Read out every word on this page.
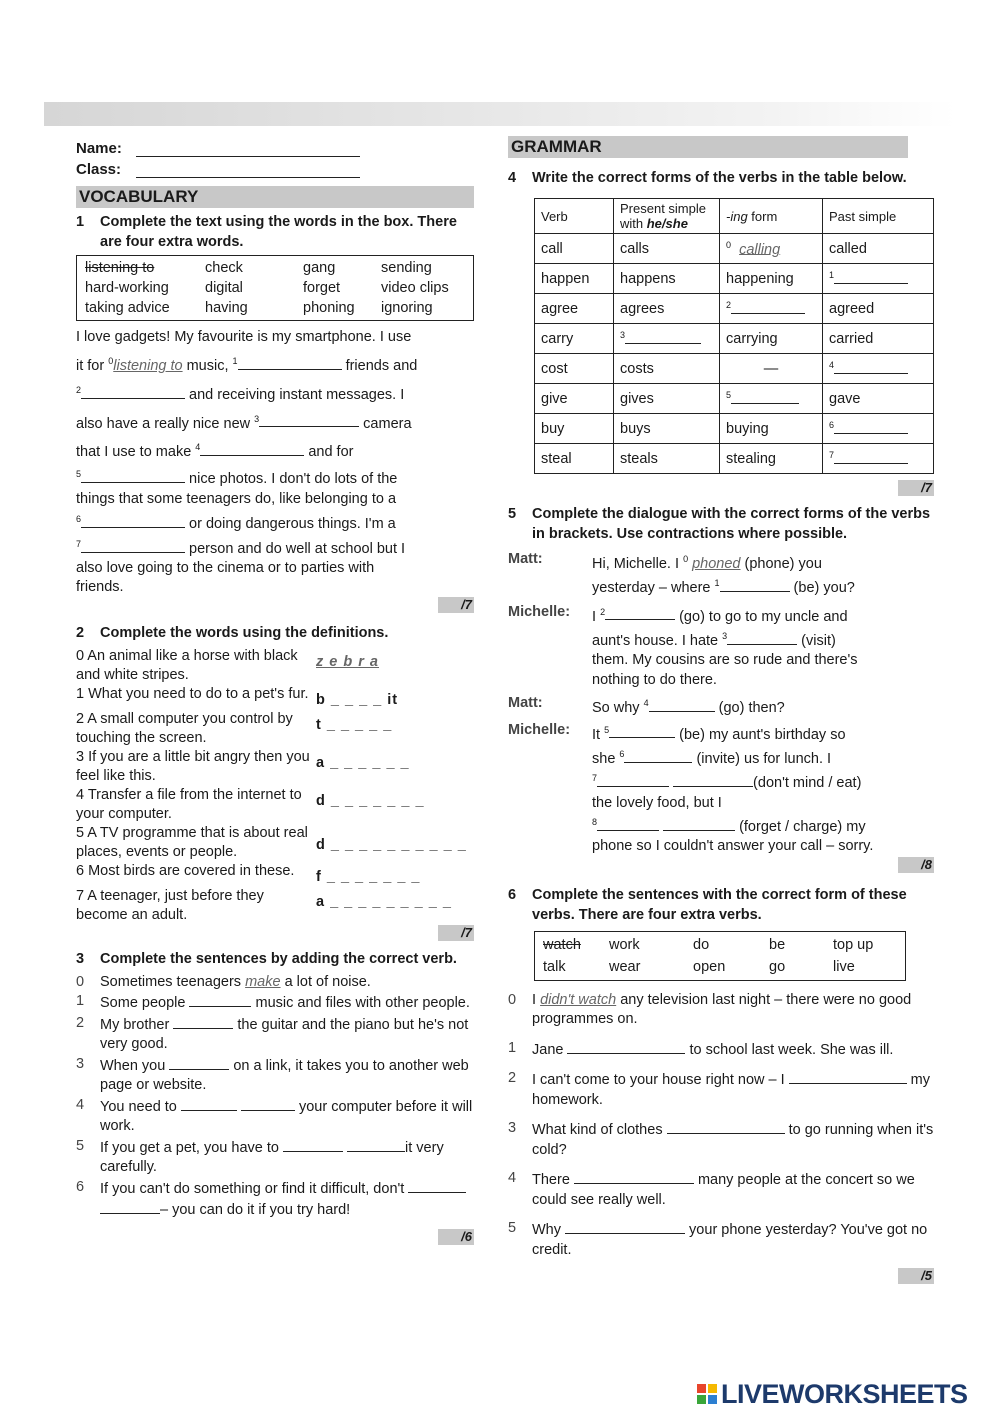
Name:
Class:
VOCABULARY
1	Complete the text using the words in the box. There are four extra words.
listening to	check	gang	sending
hard-working	digital	forget	video clips
taking advice	having	phoning	ignoring
I love gadgets! My favourite is my smartphone. I use
it for $^0$listening to music, $^1$	friends and
$^2$	and receiving instant messages. I
also have a really nice new $^3$	camera
that I use to make $^4$	and for
$^5$	nice photos. I don't do lots of the
things that some teenagers do, like belonging to a
$^6$	or doing dangerous things. I'm a
$^7$	person and do well at school but I
also love going to the cinema or to parties with
friends.
/7
2	Complete the words using the definitions.
0 An animal like a horse with black and white stripes.
z e b r a
1 What you need to do to a pet's fur. b _ _ _ _ it
2 A small computer you control by touching the screen.
t _ _ _ _ _
3 If you are a little bit angry then you feel like this.
a _ _ _ _ _ _
4 Transfer a file from the internet to your computer.
d _ _ _ _ _ _ _
5 A TV programme that is about real places, events or people.	d _ _ _ _ _ _ _ _ _ _
6 Most birds are covered in these.	f _ _ _ _ _ _ _
7 A teenager, just before they become an adult.
a _ _ _ _ _ _ _ _ _
/7
3	Complete the sentences by adding the correct verb.
0	Sometimes teenagers make a lot of noise.
1	Some people	music and files with other people.
2	My brother	the guitar and the piano but he's not very good.
3	When you	on a link, it takes you to another web page or website.
4	You need to	your computer before it will work.
5	If you get a pet, you have to	it very carefully.
6	If you can't do something or find it difficult, don't  – you can do it if you try hard!
/6
GRAMMAR
4	Write the correct forms of the verbs in the table below.
Verb	Present simple with he/she	-ing form	Past simple
call	calls	$^0$ calling	called
happen	happens	happening	$^1$
agree	agrees	$^2$	agreed
carry	$^3$	carrying	carried
cost	costs	—	$^4$
give	gives	$^5$	gave
buy	buys	buying	$^6$
steal	steals	stealing	$^7$
/7
5	Complete the dialogue with the correct forms of the verbs in brackets. Use contractions where possible.
Matt:	Hi, Michelle. I $^0$ phoned (phone) you
yesterday – where $^1$	(be) you?
Michelle:	I $^2$	(go) to go to my uncle and
aunt's house. I hate $^3$	(visit)
them. My cousins are so rude and there's
nothing to do there.
Matt:	So why $^4$	(go) then?
Michelle:	It $^5$	(be) my aunt's birthday so
she $^6$	(invite) us for lunch. I
$^7$	(don't mind / eat)
the lovely food, but I
$^8$	(forget / charge) my
phone so I couldn't answer your call – sorry.
/8
6	Complete the sentences with the correct form of these verbs. There are four extra verbs.
watch	work	do	be	top up
talk	wear	open	go	live
0	I didn't watch any television last night – there were no good programmes on.
1	Jane	to school last week. She was ill.
2	I can't come to your house right now – I	my homework.
3	What kind of clothes	to go running when it's cold?
4	There	many people at the concert so we could see really well.
5	Why	your phone yesterday? You've got no credit.
/5
LIVEWORKSHEETS
